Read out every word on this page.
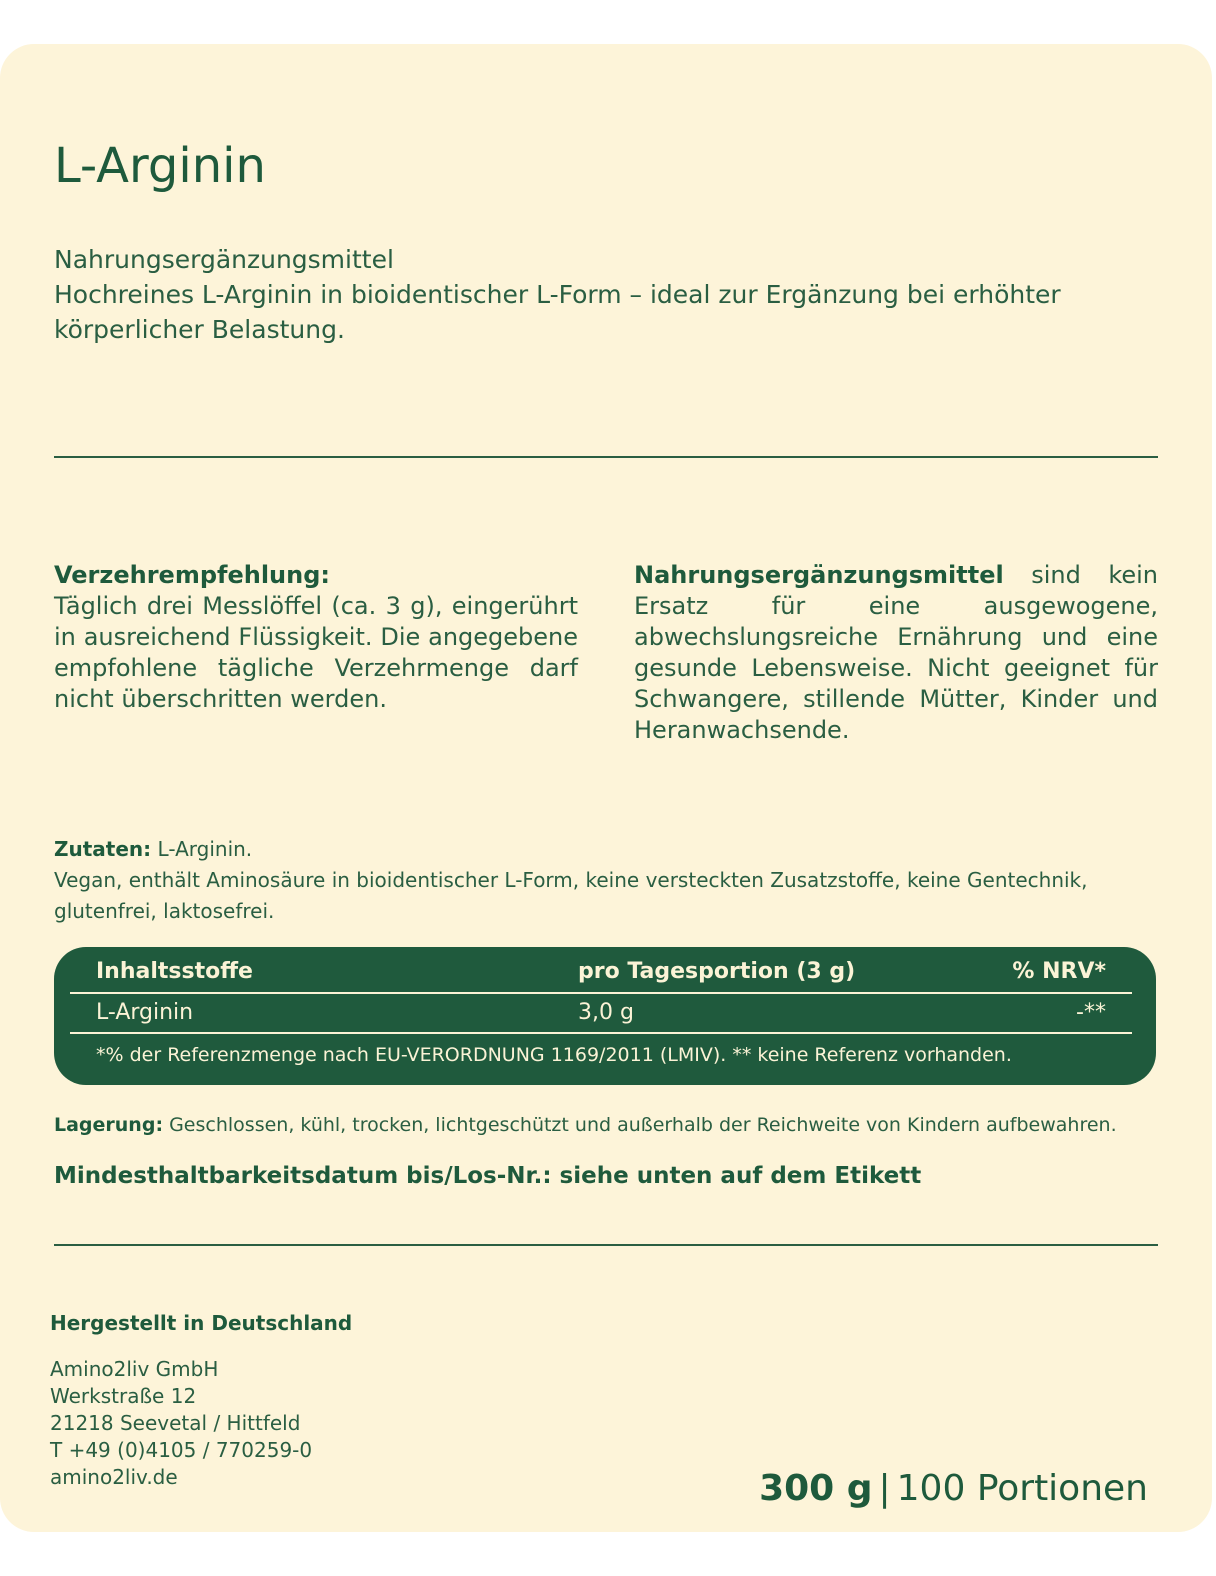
L-Arginin
Nahrungsergänzungsmittel
Hochreines L-Arginin in bioidentischer L-Form – ideal zur Ergänzung bei erhöhter
körperlicher Belastung.
Verzehrempfehlung:
Täglich drei Messlöffel (ca. 3 g), eingerührt in ausreichend Flüssigkeit. Die angegebene empfohlene tägliche Verzehrmenge darf nicht überschritten werden.
Nahrungsergänzungsmittel sind kein Ersatz für eine ausgewogene, abwechslungsreiche Ernährung und eine gesunde Lebensweise. Nicht geeignet für Schwangere, stillende Mütter, Kinder und Heranwachsende.
Zutaten: L-Arginin.
Vegan, enthält Aminosäure in bioidentischer L-Form, keine versteckten Zusatzstoffe, keine Gentechnik, glutenfrei, laktosefrei.
Inhaltsstoffe	pro Tagesportion (3 g)	% NRV*
L-Arginin	3,0 g	-**
*% der Referenzmenge nach EU-VERORDNUNG 1169/2011 (LMIV). ** keine Referenz vorhanden.
Lagerung: Geschlossen, kühl, trocken, lichtgeschützt und außerhalb der Reichweite von Kindern aufbewahren.
Mindesthaltbarkeitsdatum bis/Los-Nr.: siehe unten auf dem Etikett
Hergestellt in Deutschland
Amino2liv GmbH
Werkstraße 12
21218 Seevetal / Hittfeld
T +49 (0)4105 / 770259-0
amino2liv.de	300 g | 100 Portionen
